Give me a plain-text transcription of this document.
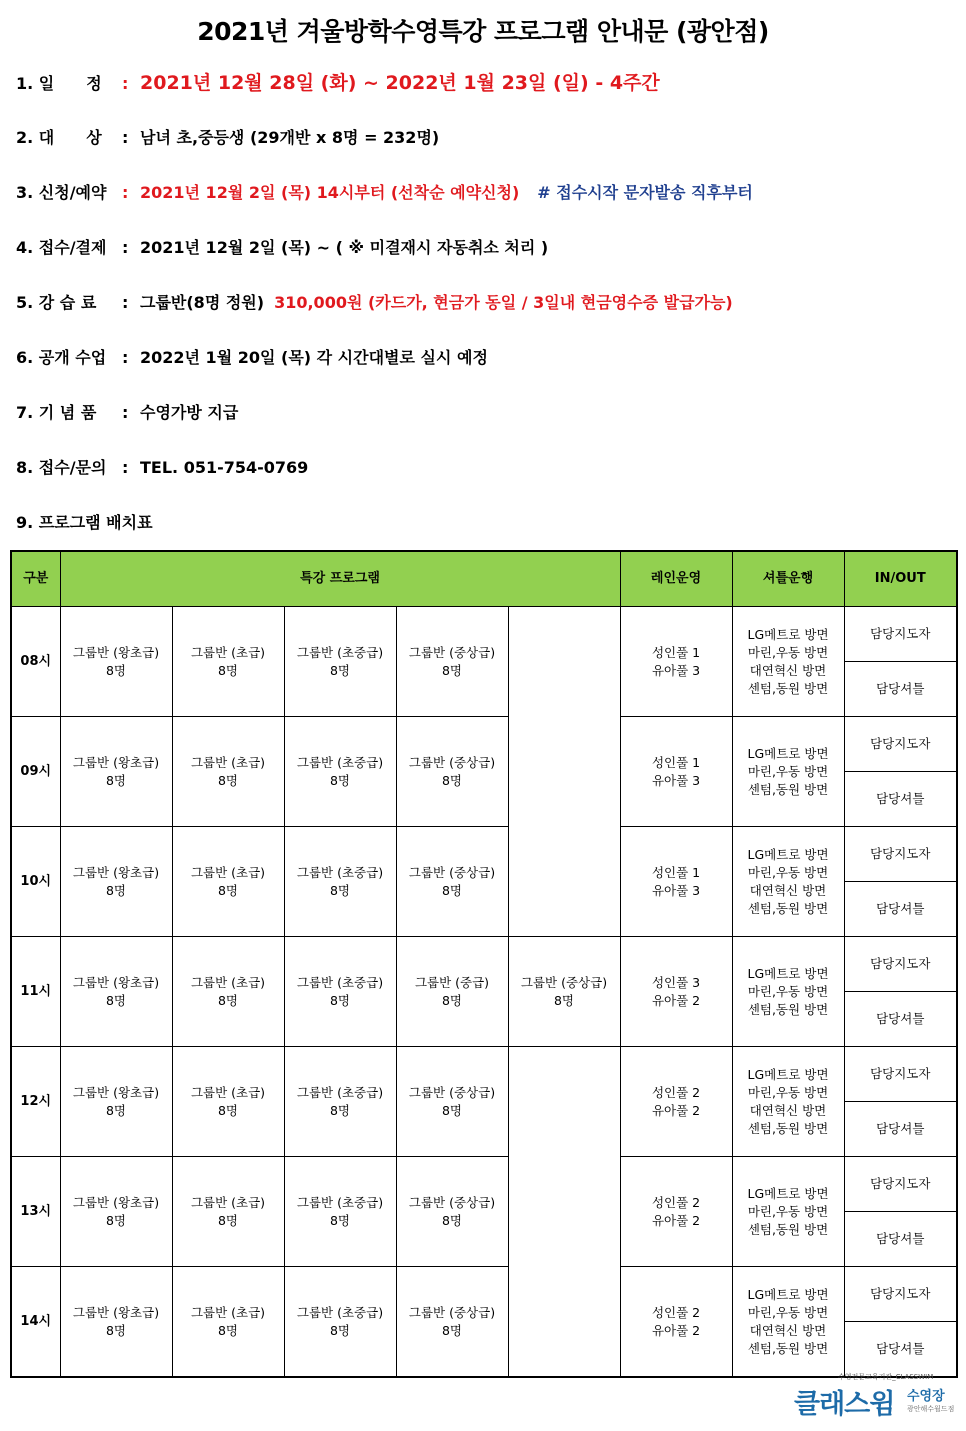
2021년 겨울방학수영특강 프로그램 안내문 (광안점)
1. 일　　정 : 2021년 12월 28일 (화) ~ 2022년 1월 23일 (일) - 4주간
2. 대　　상 : 남녀 초,중등생 (29개반 x 8명 = 232명)
3. 신청/예약 : 2021년 12월 2일 (목) 14시부터 (선착순 예약신청) # 접수시작 문자발송 직후부터
4. 접수/결제 : 2021년 12월 2일 (목) ~ ( ※ 미결재시 자동취소 처리 )
5. 강 습 료 : 그룹반(8명 정원) 310,000원 (카드가, 현금가 동일 / 3일내 현금영수증 발급가능)
6. 공개 수업 : 2022년 1월 20일 (목) 각 시간대별로 실시 예정
7. 기 념 품 : 수영가방 지급
8. 접수/문의 : TEL. 051-754-0769
9. 프로그램 배치표
구분	특강 프로그램					레인운영	셔틀운행	IN/OUT
08시	그룹반 (왕초급)
8명	그룹반 (초급)
8명	그룹반 (초중급)
8명	그룹반 (중상급)
8명		성인풀 1
유아풀 3	LG메트로 방면
마린,우동 방면
대연혁신 방면
센텀,동원 방면	담당지도자
								담당셔틀
09시	그룹반 (왕초급)
8명	그룹반 (초급)
8명	그룹반 (초중급)
8명	그룹반 (중상급)
8명		성인풀 1
유아풀 3	LG메트로 방면
마린,우동 방면
센텀,동원 방면	담당지도자
								담당셔틀
10시	그룹반 (왕초급)
8명	그룹반 (초급)
8명	그룹반 (초중급)
8명	그룹반 (중상급)
8명		성인풀 1
유아풀 3	LG메트로 방면
마린,우동 방면
대연혁신 방면
센텀,동원 방면	담당지도자
								담당셔틀
11시	그룹반 (왕초급)
8명	그룹반 (초급)
8명	그룹반 (초중급)
8명	그룹반 (중급)
8명	그룹반 (중상급)
8명	성인풀 3
유아풀 2	LG메트로 방면
마린,우동 방면
센텀,동원 방면	담당지도자
								담당셔틀
12시	그룹반 (왕초급)
8명	그룹반 (초급)
8명	그룹반 (초중급)
8명	그룹반 (중상급)
8명		성인풀 2
유아풀 2	LG메트로 방면
마린,우동 방면
대연혁신 방면
센텀,동원 방면	담당지도자
								담당셔틀
13시	그룹반 (왕초급)
8명	그룹반 (초급)
8명	그룹반 (초중급)
8명	그룹반 (중상급)
8명		성인풀 2
유아풀 2	LG메트로 방면
마린,우동 방면
센텀,동원 방면	담당지도자
								담당셔틀
14시	그룹반 (왕초급)
8명	그룹반 (초급)
8명	그룹반 (초중급)
8명	그룹반 (중상급)
8명		성인풀 2
유아풀 2	LG메트로 방면
마린,우동 방면
대연혁신 방면
센텀,동원 방면	담당지도자
								담당셔틀
수영전문교육기관_CLASSWIM
클래스윔 수영장
광안해수월드점
